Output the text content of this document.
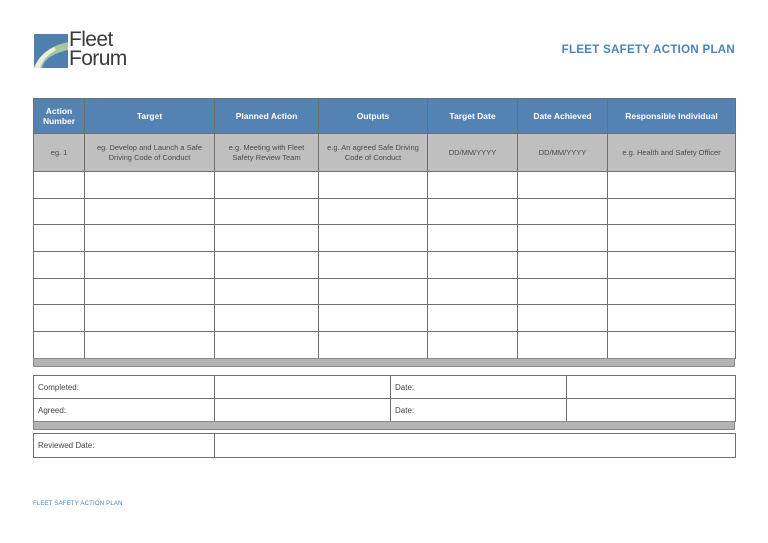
Fleet
Forum	FLEET SAFETY ACTION PLAN
Action Number	Target	Planned Action	Outputs	Target Date	Date Achieved	Responsible Individual
eg. 1	eg. Develop and Launch a Safe Driving Code of Conduct	e.g. Meeting with Fleet Safety Review Team	e.g. An agreed Safe Driving Code of Conduct	DD/MM/YYYY	DD/MM/YYYY	e.g. Health and Safety Officer

Completed:		Date:	
Agreed:		Date:	
Reviewed Date:	
FLEET SAFETY ACTION PLAN
